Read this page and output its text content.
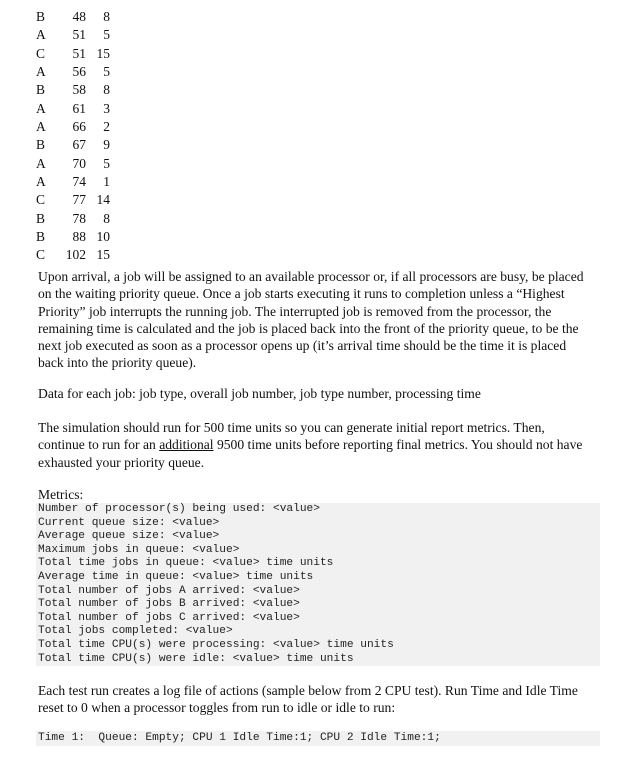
B	48	8
A	51	5
C	51	15
A	56	5
B	58	8
A	61	3
A	66	2
B	67	9
A	70	5
A	74	1
C	77	14
B	78	8
B	88	10
C	102	15

Upon arrival, a job will be assigned to an available processor or, if all processors are busy, be placed on the waiting priority queue. Once a job starts executing it runs to completion unless a “Highest Priority” job interrupts the running job. The interrupted job is removed from the processor, the remaining time is calculated and the job is placed back into the front of the priority queue, to be the next job executed as soon as a processor opens up (it’s arrival time should be the time it is placed back into the priority queue).

Data for each job: job type, overall job number, job type number, processing time

The simulation should run for 500 time units so you can generate initial report metrics. Then, continue to run for an additional 9500 time units before reporting final metrics. You should not have exhausted your priority queue.

Metrics:

Number of processor(s) being used: <value>
Current queue size: <value>
Average queue size: <value>
Maximum jobs in queue: <value>
Total time jobs in queue: <value> time units
Average time in queue: <value> time units
Total number of jobs A arrived: <value>
Total number of jobs B arrived: <value>
Total number of jobs C arrived: <value>
Total jobs completed: <value>
Total time CPU(s) were processing: <value> time units
Total time CPU(s) were idle: <value> time units

Each test run creates a log file of actions (sample below from 2 CPU test). Run Time and Idle Time reset to 0 when a processor toggles from run to idle or idle to run:

Time 1:  Queue: Empty; CPU 1 Idle Time:1; CPU 2 Idle Time:1;
